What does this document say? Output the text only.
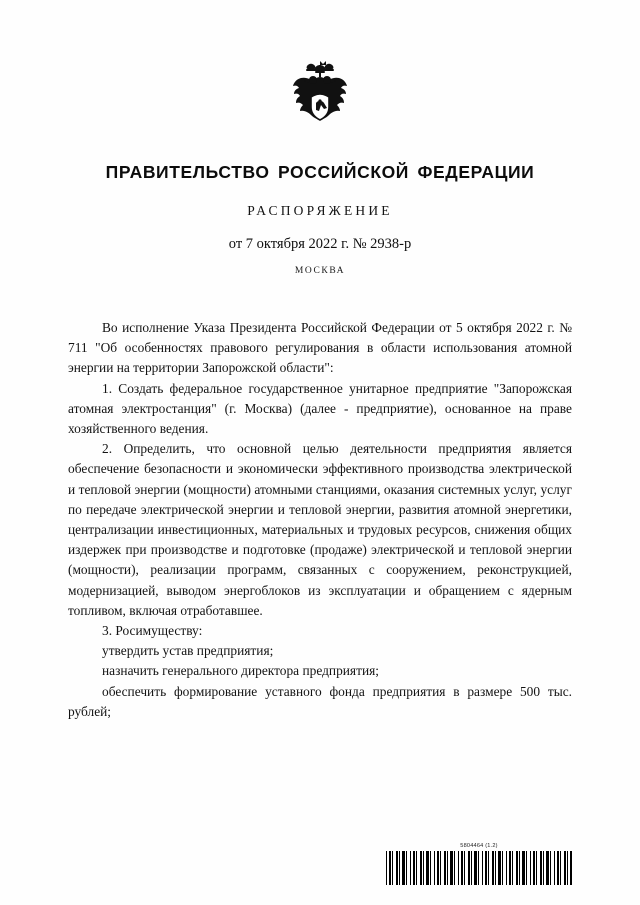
ПРАВИТЕЛЬСТВО РОССИЙСКОЙ ФЕДЕРАЦИИ
РАСПОРЯЖЕНИЕ
от 7 октября 2022 г. № 2938-р
МОСКВА

Во исполнение Указа Президента Российской Федерации от 5 октября 2022 г. № 711 "Об особенностях правового регулирования в области использования атомной энергии на территории Запорожской области":

1. Создать федеральное государственное унитарное предприятие "Запорожская атомная электростанция" (г. Москва) (далее - предприятие), основанное на праве хозяйственного ведения.

2. Определить, что основной целью деятельности предприятия является обеспечение безопасности и экономически эффективного производства электрической и тепловой энергии (мощности) атомными станциями, оказания системных услуг, услуг по передаче электрической энергии и тепловой энергии, развития атомной энергетики, централизации инвестиционных, материальных и трудовых ресурсов, снижения общих издержек при производстве и подготовке (продаже) электрической и тепловой энергии (мощности), реализации программ, связанных с сооружением, реконструкцией, модернизацией, выводом энергоблоков из эксплуатации и обращением с ядерным топливом, включая отработавшее.

3. Росимуществу:

утвердить устав предприятия;

назначить генерального директора предприятия;

обеспечить формирование уставного фонда предприятия в размере 500 тыс. рублей;

5804464 (1.2)
